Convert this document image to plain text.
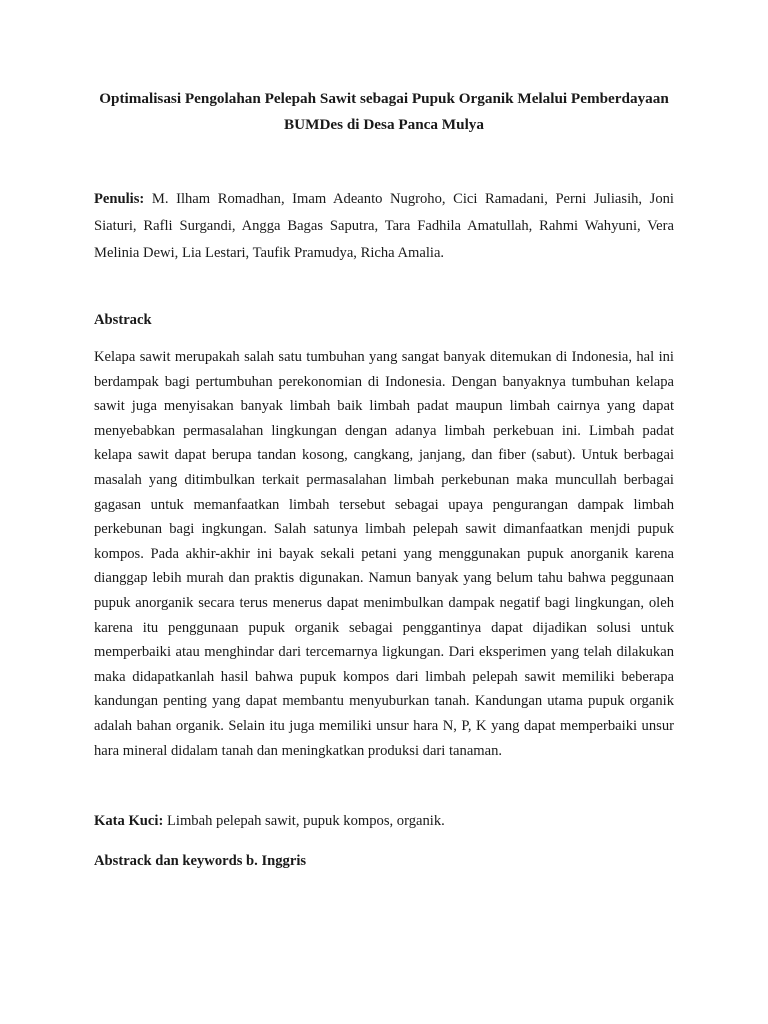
Optimalisasi Pengolahan Pelepah Sawit sebagai Pupuk Organik Melalui Pemberdayaan
BUMDes di Desa Panca Mulya

Penulis: M. Ilham Romadhan, Imam Adeanto Nugroho, Cici Ramadani, Perni Juliasih, Joni Siaturi, Rafli Surgandi, Angga Bagas Saputra, Tara Fadhila Amatullah, Rahmi Wahyuni, Vera Melinia Dewi, Lia Lestari, Taufik Pramudya, Richa Amalia.

Abstrack

Kelapa sawit merupakah salah satu tumbuhan yang sangat banyak ditemukan di Indonesia, hal ini berdampak bagi pertumbuhan perekonomian di Indonesia. Dengan banyaknya tumbuhan kelapa sawit juga menyisakan banyak limbah baik limbah padat maupun limbah cairnya yang dapat menyebabkan permasalahan lingkungan dengan adanya limbah perkebuan ini. Limbah padat kelapa sawit dapat berupa tandan kosong, cangkang, janjang, dan fiber (sabut). Untuk berbagai masalah yang ditimbulkan terkait permasalahan limbah perkebunan maka muncullah berbagai gagasan untuk memanfaatkan limbah tersebut sebagai upaya pengurangan dampak limbah perkebunan bagi ingkungan. Salah satunya limbah pelepah sawit dimanfaatkan menjdi pupuk kompos. Pada akhir-akhir ini bayak sekali petani yang menggunakan pupuk anorganik karena dianggap lebih murah dan praktis digunakan. Namun banyak yang belum tahu bahwa peggunaan pupuk anorganik secara terus menerus dapat menimbulkan dampak negatif bagi lingkungan, oleh karena itu penggunaan pupuk organik sebagai penggantinya dapat dijadikan solusi untuk memperbaiki atau menghindar dari tercemarnya ligkungan. Dari eksperimen yang telah dilakukan maka didapatkanlah hasil bahwa pupuk kompos dari limbah pelepah sawit memiliki beberapa kandungan penting yang dapat membantu menyuburkan tanah. Kandungan utama pupuk organik adalah bahan organik. Selain itu juga memiliki unsur hara N, P, K yang dapat memperbaiki unsur hara mineral didalam tanah dan meningkatkan produksi dari tanaman.

Kata Kuci: Limbah pelepah sawit, pupuk kompos, organik.

Abstrack dan keywords b. Inggris
